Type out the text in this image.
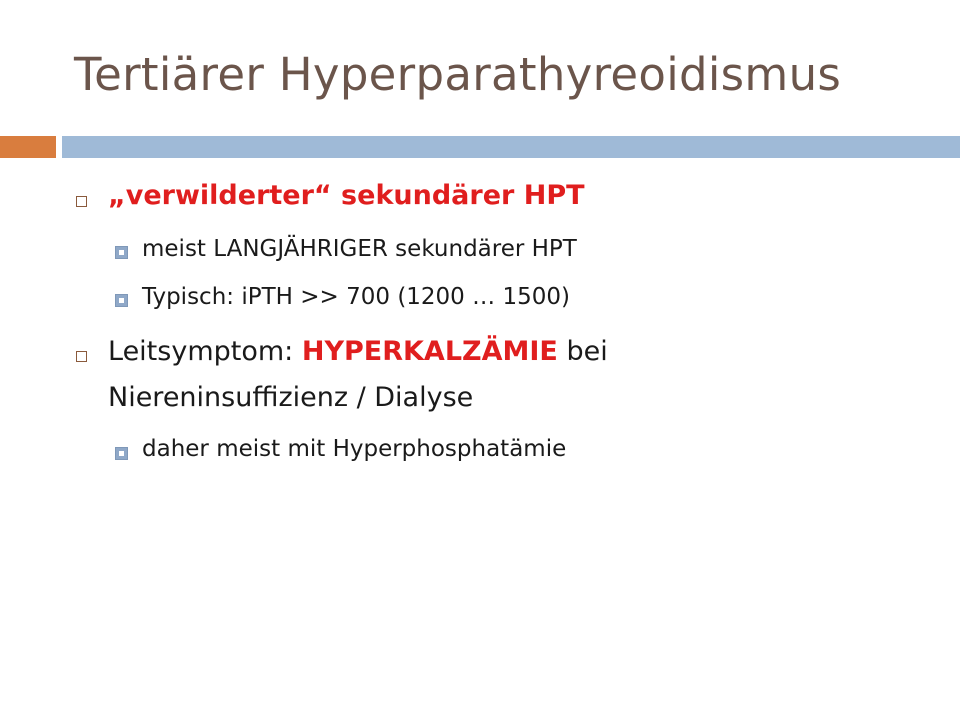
Tertiärer Hyperparathyreoidismus
„verwilderter“ sekundärer HPT
meist LANGJÄHRIGER sekundärer HPT
Typisch: iPTH >> 700 (1200 … 1500)
Leitsymptom: HYPERKALZÄMIE bei
Niereninsuffizienz / Dialyse
daher meist mit Hyperphosphatämie
